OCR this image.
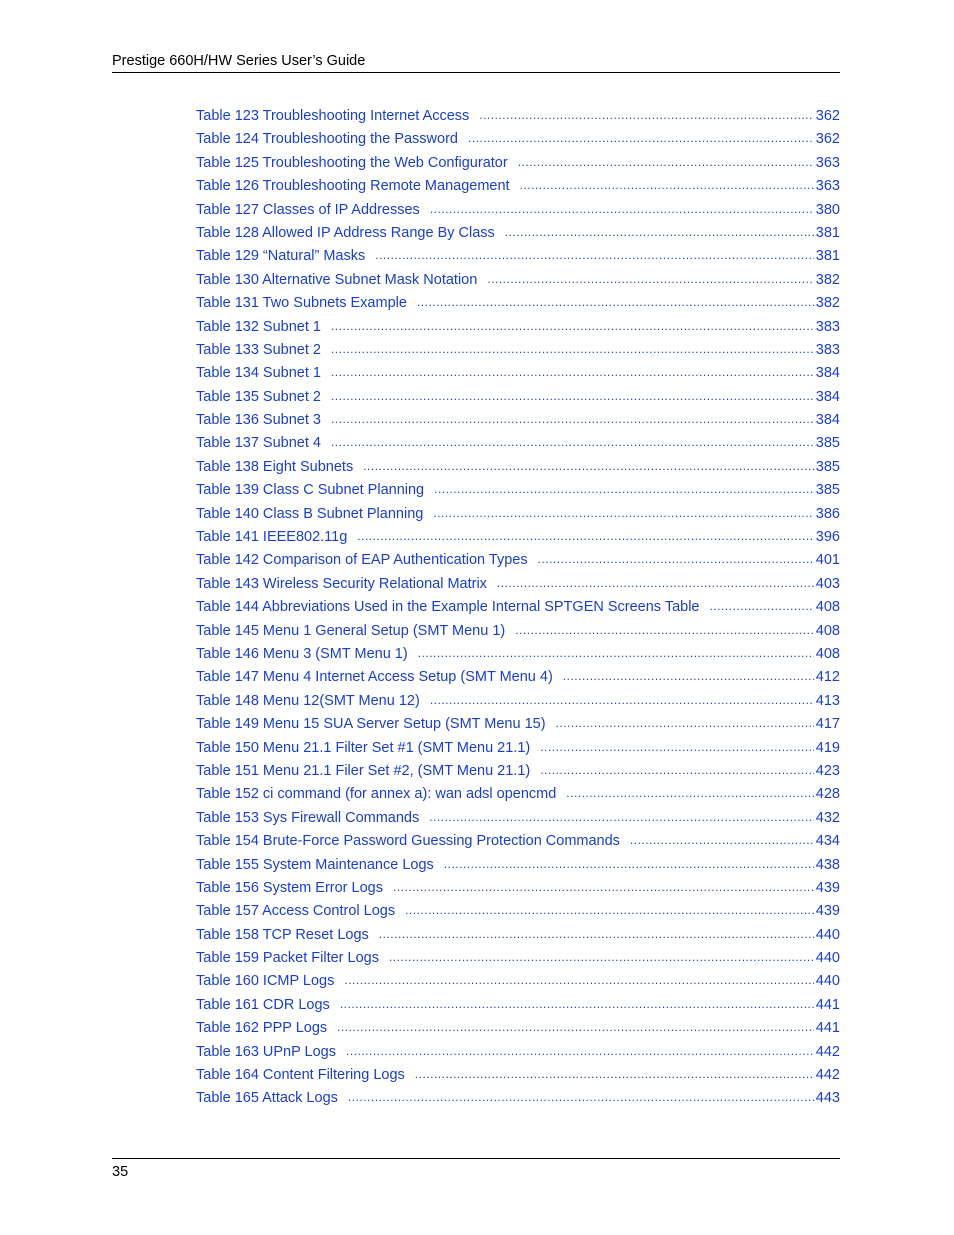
Prestige 660H/HW Series User’s Guide
Table 123 Troubleshooting Internet Access .....	362
Table 124 Troubleshooting the Password .....	362
Table 125 Troubleshooting the Web Configurator .....	363
Table 126 Troubleshooting Remote Management .....	363
Table 127 Classes of IP Addresses .....	380
Table 128 Allowed IP Address Range By Class .....	381
Table 129 “Natural” Masks .....	381
Table 130 Alternative Subnet Mask Notation .....	382
Table 131 Two Subnets Example .....	382
Table 132 Subnet 1 .....	383
Table 133 Subnet 2 .....	383
Table 134 Subnet 1 .....	384
Table 135 Subnet 2 .....	384
Table 136 Subnet 3 .....	384
Table 137 Subnet 4 .....	385
Table 138 Eight Subnets .....	385
Table 139 Class C Subnet Planning .....	385
Table 140 Class B Subnet Planning .....	386
Table 141 IEEE802.11g .....	396
Table 142 Comparison of EAP Authentication Types .....	401
Table 143 Wireless Security Relational Matrix .....	403
Table 144 Abbreviations Used in the Example Internal SPTGEN Screens Table .....	408
Table 145 Menu 1 General Setup (SMT Menu 1) .....	408
Table 146 Menu 3 (SMT Menu 1) .....	408
Table 147 Menu 4 Internet Access Setup (SMT Menu 4) .....	412
Table 148 Menu 12(SMT Menu 12) .....	413
Table 149 Menu 15 SUA Server Setup (SMT Menu 15) .....	417
Table 150 Menu 21.1 Filter Set #1 (SMT Menu 21.1) .....	419
Table 151 Menu 21.1 Filer Set #2, (SMT Menu 21.1) .....	423
Table 152 ci command (for annex a): wan adsl opencmd .....	428
Table 153 Sys Firewall Commands .....	432
Table 154 Brute-Force Password Guessing Protection Commands .....	434
Table 155 System Maintenance Logs .....	438
Table 156 System Error Logs .....	439
Table 157 Access Control Logs .....	439
Table 158 TCP Reset Logs .....	440
Table 159 Packet Filter Logs .....	440
Table 160 ICMP Logs .....	440
Table 161 CDR Logs .....	441
Table 162 PPP Logs .....	441
Table 163 UPnP Logs .....	442
Table 164 Content Filtering Logs .....	442
Table 165 Attack Logs .....	443
35
